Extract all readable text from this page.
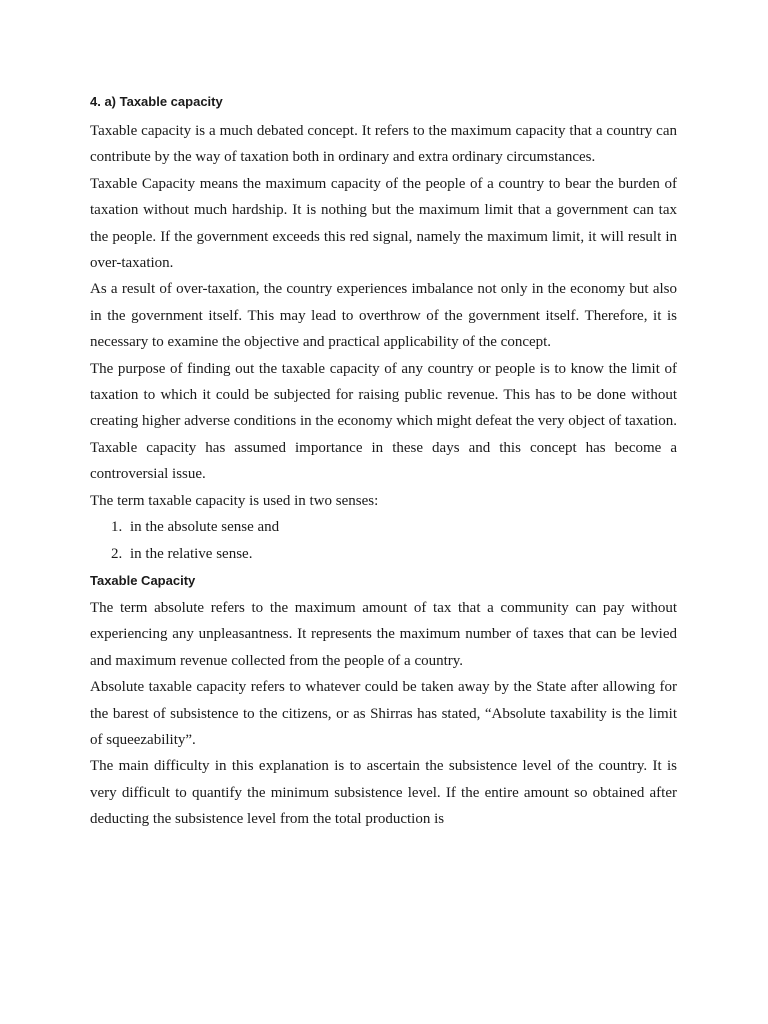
4. a) Taxable capacity

Taxable capacity is a much debated concept. It refers to the maximum capacity that a country can contribute by the way of taxation both in ordinary and extra ordinary circumstances.

Taxable Capacity means the maximum capacity of the people of a country to bear the burden of taxation without much hardship. It is nothing but the maximum limit that a government can tax the people. If the government exceeds this red signal, namely the maximum limit, it will result in over-taxation.

As a result of over-taxation, the country experiences imbalance not only in the economy but also in the government itself. This may lead to overthrow of the government itself. Therefore, it is necessary to examine the objective and practical applicability of the concept.

The purpose of finding out the taxable capacity of any country or people is to know the limit of taxation to which it could be subjected for raising public revenue. This has to be done without creating higher adverse conditions in the economy which might defeat the very object of taxation. Taxable capacity has assumed importance in these days and this concept has become a controversial issue.

The term taxable capacity is used in two senses:

1. in the absolute sense and
2. in the relative sense.
Taxable Capacity

The term absolute refers to the maximum amount of tax that a community can pay without experiencing any unpleasantness. It represents the maximum number of taxes that can be levied and maximum revenue collected from the people of a country.

Absolute taxable capacity refers to whatever could be taken away by the State after allowing for the barest of subsistence to the citizens, or as Shirras has stated, “Absolute taxability is the limit of squeezability”.

The main difficulty in this explanation is to ascertain the subsistence level of the country. It is very difficult to quantify the minimum subsistence level. If the entire amount so obtained after deducting the subsistence level from the total production is
